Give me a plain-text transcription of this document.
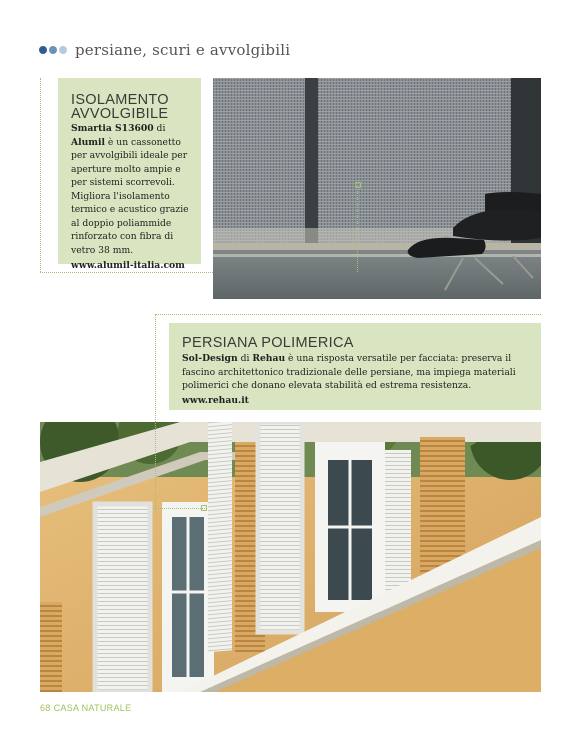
persiane, scuri e avvolgibili
ISOLAMENTO
AVVOLGIBILE
Smartia S13600 di
Alumil è un cassonetto per avvolgibili ideale per aperture molto ampie e per sistemi scorrevoli. Migliora l'isolamento termico e acustico grazie al doppio poliammide rinforzato con fibra di vetro 38 mm.
www.alumil-italia.com
PERSIANA POLIMERICA
Sol-Design di Rehau è una risposta versatile per facciata: preserva il fascino architettonico tradizionale delle persiane, ma impiega materiali polimerici che donano elevata stabilità ed estrema resistenza.
www.rehau.it
68 CASA NATURALE
